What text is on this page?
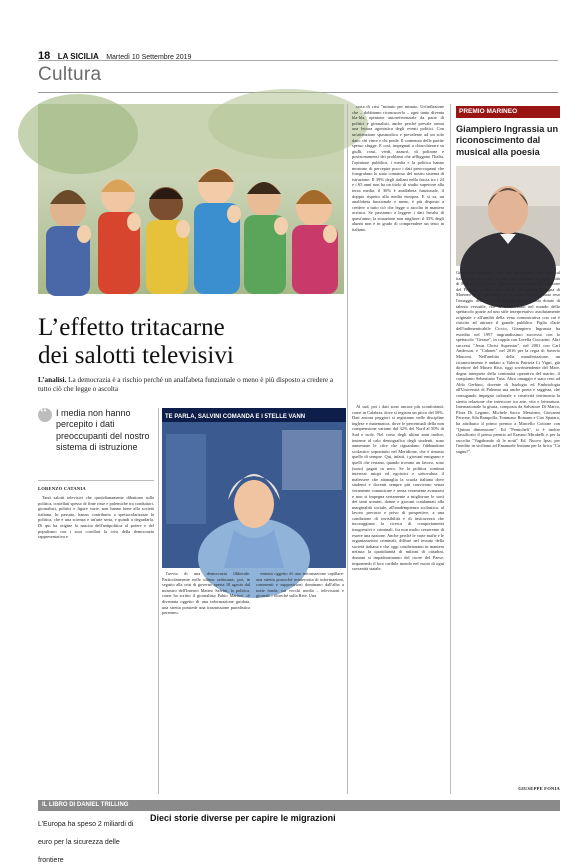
18 LA SICILIA Martedì 10 Settembre 2019
Cultura
L’effetto tritacarne
dei salotti televisivi
L’analisi. La democrazia è a rischio perché un analfabeta funzionale o meno è più disposto a credere a tutto ciò che legge o ascolta
“
I media non hanno percepito i dati preoccupanti del nostro sistema di istruzione
LORENZO CATANIA
TE PARLA, SALVINI COMANDA E I 5TELLE VANN

Tanti salotti televisivi che quotidianamente dibattono sulla politica, costellati spesso di finte risse e polemiche tra conduttori, giornalisti, politici e figure varie, non hanno bene alla società italiana. In passato, hanno contribuito a spettacolarizzare la politica, che è una scienza e un'arte seria, e quindi a degradarla. Di qui ha origine la nascita dell'antipolitica al potere e del populismo con i suoi corollari la crisi della democrazia rappresentativa e

l'avvio di una democrazia illiberale. Particolarmente nelle ultime settimane, poi, in seguito alla crisi di governo aperta 18 agosto dal ministro dell'Interno Matteo Salvini, la politica, come ha scritto il giornalista Fabio Martini, «è diventata oggetto di una informazione guidata, una stretta possiede una trasmissione parodistica perenne».

ventata oggetto di una informazione capillare: una stretta possoché ininterrotta di informazioni, commenti e supposizioni dominano dall'alba a notte fonda, sui vecchi media – televisioni e giornali – oltreché sulla Rete. Una

sorta di crisi "minuto per minuto. Un'inflazione che – dobbiamo riconoscerlo – ogni tanto diventa bla-bla, opinione autoreferenziale da parte di politici e giornalisti, anche perché prevale ormai una lettura agonistica degli eventi politici. Con un'attenzione spasmodica e prevalente ad un solo dato: chi vince e chi perde. Il contenuto delle partite spesso sfugge. E così, impegnati a chiacchierare su giulli, rossi, verdi, azzurri, di poltrone e posizionamenti dei problemi che affliggono l'Italia, l'opinione pubblica, i media e la politica hanno mostrato di percepire poco i dati preoccupanti che fotografano lo stato comatoso del nostro sistema di istruzione. Il 39% degli italiani nella fascia tra i 24 e i 65 anni non ha un titolo di studio superiore alla terza media, il 30% è analfabeta funzionale, il doppio rispetto alla media europea. E si sa, un analfabeta funzionale o meno, è più disposto a credere a tutto ciò che legge o ascolta in maniera acritica. Se passiamo a leggere i dati Invalsi di quest'anno, la situazione non migliore: il 35% degli alunni non è in grado di comprendere un testo in italiano.

Al sud, poi i dati sono ancora più sconfortanti, come in Calabria, dove si registra un picco del 50%. Dati ancora peggiori si registrano nelle discipline inglese e matematica, dove le percentuali della non comprensione variano dal 32% del Nord al 50% di Sud e isole. Nel corso degli ultimi anni inoltre, insieme al calo demografico degli studenti, sono aumentate le cifre che riguardano l'abbandono scolastico soprattutto nel Meridione, che è rimasto quello di sempre. Qui, infatti, i giovani emigrano e quelli che restano, quando trovano un lavoro, sono (sono) pagati in nero. Se la politica continui interessi miopi ed egoistici e sottovaluta il malessere che attanaglia la scuola italiana dove studenti e docenti sempre più convivono senza veramente comunicare e senza veramente avanzarsi e non si impegna seriamente a migliorare le sorti dei tanti uomini, donne e giovani condannati alla marginalità sociale, all'inadempienza scolastica, al lavoro precario e privo di prospettive, a una condizione di invisibilità e di insicurezza che incoraggiano la ricerca di comportamenti trasgressivi e criminali, fra non molto cesseremo di essere una nazione. Anche perché le varie mafie e le organizzazioni criminali, diffuse nel tessuto della società italiana e che oggi condizionano in maniera nefasta la quotidianità di milioni di cittadini, domani si impadroniranno del cuore del Paese, imponendo il loro orribile mondo nel vuoto di ogni sovranità statale.

PREMIO MARINEO
Giampiero Ingrassia un riconoscimento dal musical alla poesia

Giampiero Ingrassia, uno dei protagonisti del musical italiano, ha ricevuto il Premio internazionale di poesia città di Marineo. Nel corso della cerimonia della 49ª edizione del Premio, svoltasi nel castello Beccadelli Bologna di Marineo (Pa) e presentata da Katiuska Failla, è stato reso l'omaggio della terra di Sicilia ad un artista dotato di talento versatile, che si è affermato nel mondo dello spettacolo grazie ad uno stile interpretativo assolutamente originale e all'umiltà della vena comunicativa con cui è riuscito ad attrarre il grande pubblico. Figlio d'arte dell'indimenticabile Ciccio, Giampiero Ingrassia ha esordito nel 1997 ungrandissimo successo con lo spettacolo "Grease", in coppia con Lorella Cuccarini. Altri successi "Jesus Christ Superstar", nel 2001 con Carl Anderson, e "Cabaret" nel 2016 per la regia di Saverio Marconi. Nell'ambito della manifestazione, un riconoscimento è andato a Valeria Patrizia Li Vigni, già direttore del Museo Riso, oggi sovrintendente del Mare, degna interprete della continuità operativa del marito, il compianto Sebastiano Tusa. Altro omaggio è stato reso ad Aldo Gerbino, docente di Istologia ed Embriologia all'Università di Palermo ma anche poeta e saggista, che coniugando impegno culturale e creatività testimonia la stretta relazione che intercorre tra arte, vita e letteratura. Internazionale la giuria, composta da Salvatore Di Marco, Flora Di Legami, Michele Sacco Messineo, Giovanni Perrone, Sila Rampolla, Tommaso Romano e Ciro Spataro, ha attribuito il primo premio a Marcello Cottone con "Quinta dimensione". Ed "Pernicheli", si è inoltre classificato il primo premio ad Erasmo Mirabelli e per la raccolta "Vagabondo di le notti" Ed. Nuova Ipsa; per l'inedito in siciliano ad Emanuele Insinna per la lirica "Cu sugnu?".

GIUSEPPE FONIA
IL LIBRO DI DANIEL TRILLING
Dieci storie diverse per capire le migrazioni
L’Europa ha speso 2 miliardi di euro per la sicurezza delle frontiere
